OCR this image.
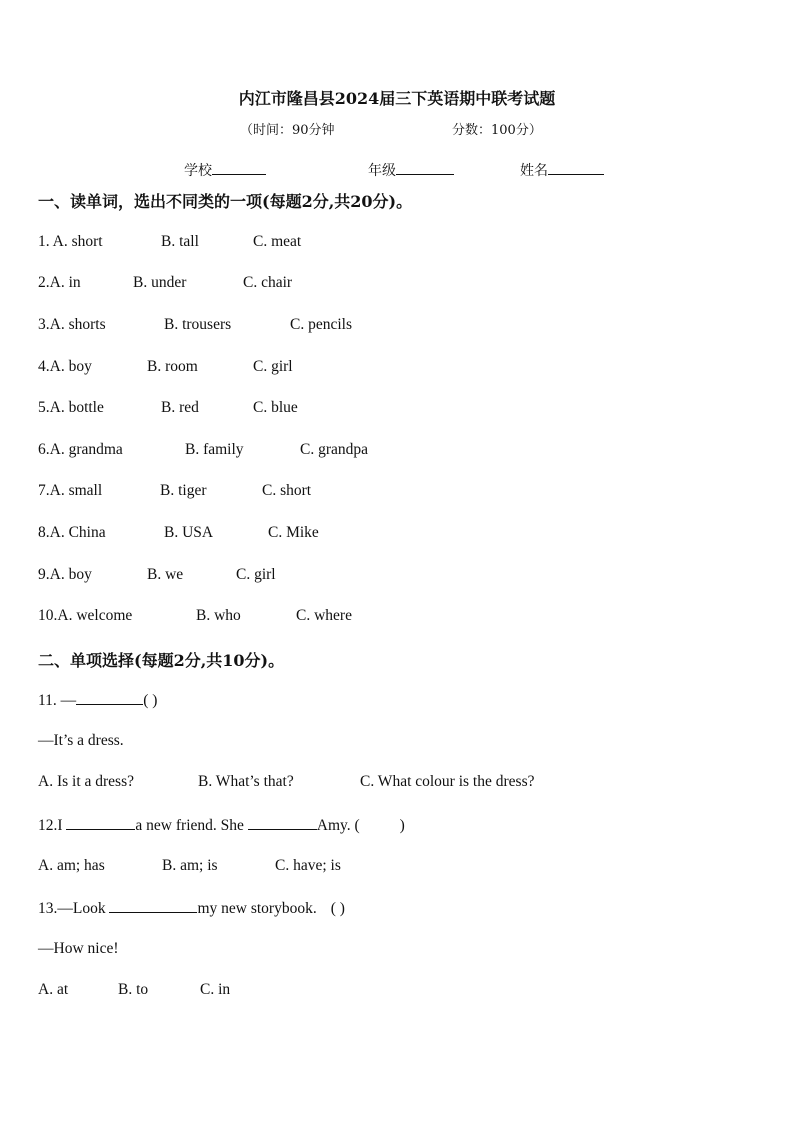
内江市隆昌县2024届三下英语期中联考试题
（时间：90分钟	分数：100分）
学校	年级	姓名
一、读单词，选出不同类的一项(每题2分,共20分)。
1. A. short	B. tall	C. meat
2.A. in	B. under	C. chair
3.A. shorts	B. trousers	C. pencils
4.A. boy	B. room	C. girl
5.A. bottle	B. red	C. blue
6.A. grandma	B. family	C. grandpa
7.A. small	B. tiger	C. short
8.A. China	B. USA	C. Mike
9.A. boy	B. we	C. girl
10.A. welcome	B. who	C. where
二、单项选择(每题2分,共10分)。
11. —	( )
—It’s a dress.
A. Is it a dress?	B. What’s that?	C. What colour is the dress?
12.I	a new friend. She	Amy. (	)
A. am; has	B. am; is	C. have; is
13.—Look	my new storybook. ( )
—How nice!
A. at	B. to	C. in
